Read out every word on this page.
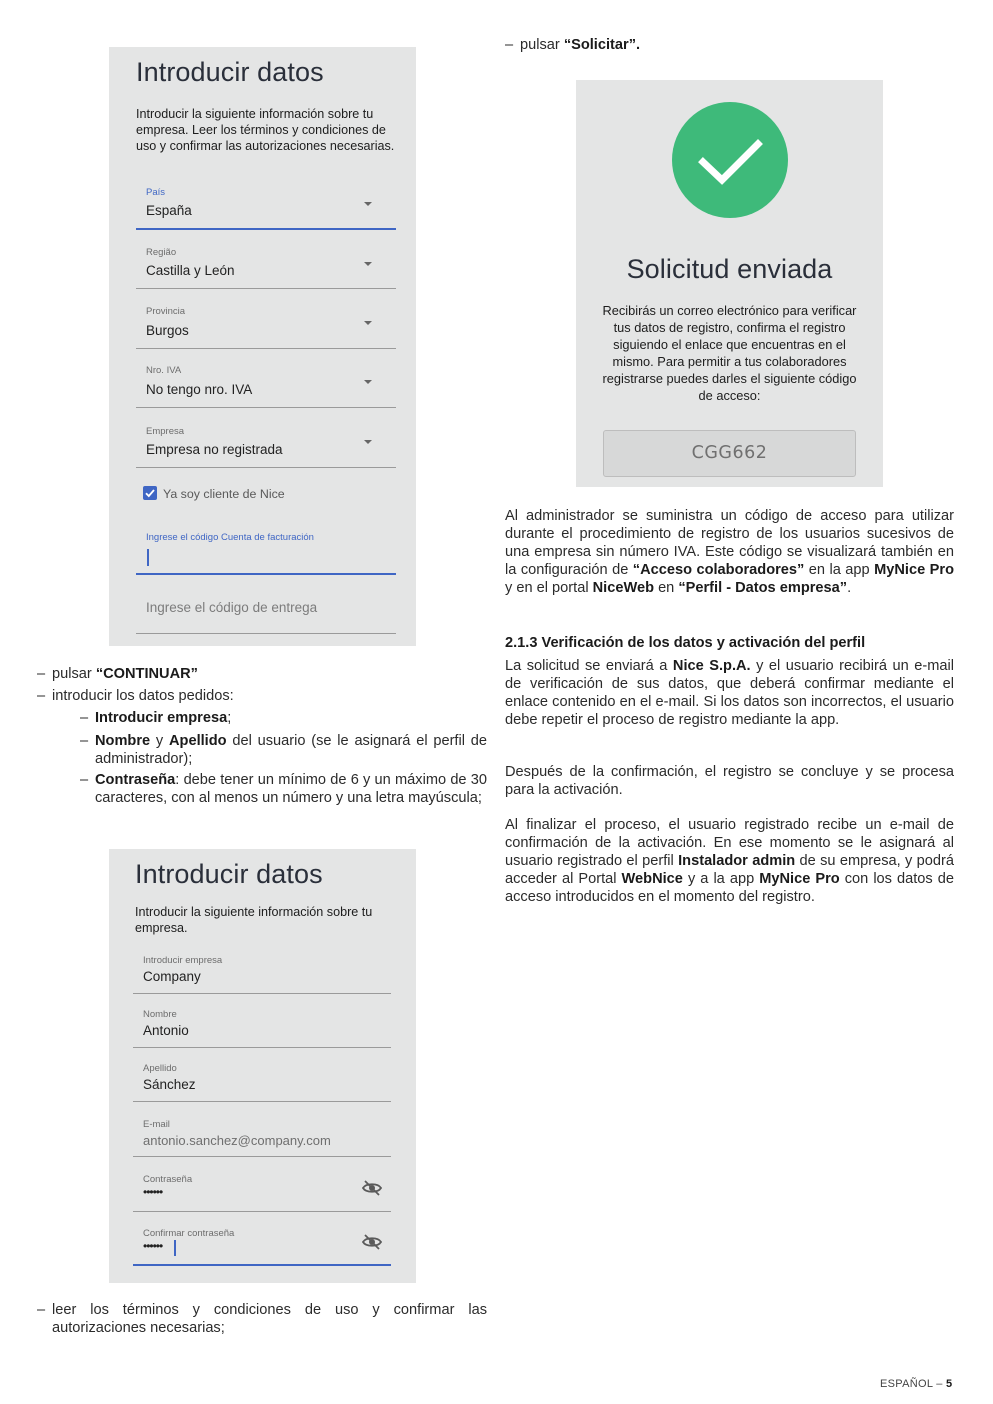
Introducir datos
Introducir la siguiente información sobre tu empresa. Leer los términos y condiciones de uso y confirmar las autorizaciones necesarias.
País
España
Região
Castilla y León
Provincia
Burgos
Nro. IVA
No tengo nro. IVA
Empresa
Empresa no registrada
Ya soy cliente de Nice
Ingrese el código Cuenta de facturación
Ingrese el código de entrega
– pulsar “CONTINUAR”
– introducir los datos pedidos:
– Introducir empresa;
– Nombre y Apellido del usuario (se le asignará el perfil de administrador);
– Contraseña: debe tener un mínimo de 6 y un máximo de 30 caracteres, con al menos un número y una letra mayúscula;
Introducir datos
Introducir la siguiente información sobre tu empresa.
Introducir empresa
Company
Nombre
Antonio
Apellido
Sánchez
E-mail
antonio.sanchez@company.com
Contraseña
••••••
Confirmar contraseña
••••••
– leer los términos y condiciones de uso y confirmar las autorizaciones necesarias;
– pulsar “Solicitar”.
Solicitud enviada
Recibirás un correo electrónico para verificar tus datos de registro, confirma el registro siguiendo el enlace que encuentras en el mismo. Para permitir a tus colaboradores registrarse puedes darles el siguiente código de acceso:
CGG662
Al administrador se suministra un código de acceso para utilizar durante el procedimiento de registro de los usuarios sucesivos de una empresa sin número IVA. Este código se visualizará también en la configuración de “Acceso colaboradores” en la app MyNice Pro y en el portal NiceWeb en “Perfil - Datos empresa”.
2.1.3 Verificación de los datos y activación del perfil
La solicitud se enviará a Nice S.p.A. y el usuario recibirá un e-mail de verificación de sus datos, que deberá confirmar mediante el enlace contenido en el e-mail. Si los datos son incorrectos, el usuario debe repetir el proceso de registro mediante la app.
Después de la confirmación, el registro se concluye y se procesa para la activación.
Al finalizar el proceso, el usuario registrado recibe un e-mail de confirmación de la activación. En ese momento se le asignará al usuario registrado el perfil Instalador admin de su empresa, y podrá acceder al Portal WebNice y a la app MyNice Pro con los datos de acceso introducidos en el momento del registro.
ESPAÑOL – 5
